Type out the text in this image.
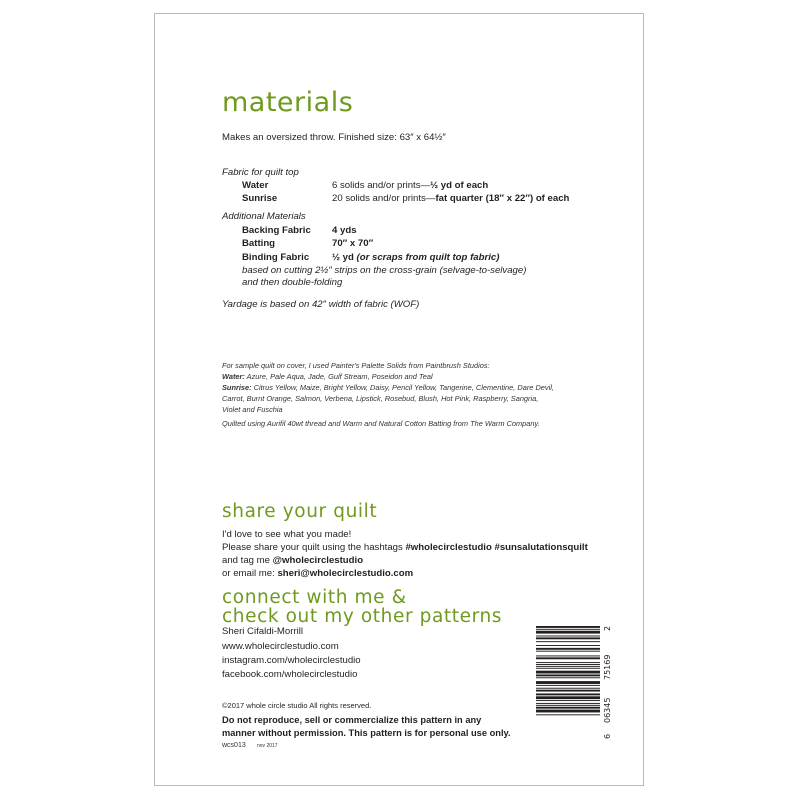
materials

Makes an oversized throw. Finished size: 63″ x 64½″

Fabric for quilt top

Water	6 solids and/or prints—½ yd of each
Sunrise	20 solids and/or prints—fat quarter (18″ x 22″) of each

Additional Materials

Backing Fabric 4 yds
Batting	70″ x 70″
Binding Fabric ½ yd (or scraps from quilt top fabric)

based on cutting 2½″ strips on the cross-grain (selvage-to-selvage)

and then double-folding

Yardage is based on 42″ width of fabric (WOF)

For sample quilt on cover, I used Painter's Palette Solids from Paintbrush Studios:

Water: Azure, Pale Aqua, Jade, Gulf Stream, Poseidon and Teal

Sunrise: Citrus Yellow, Maize, Bright Yellow, Daisy, Pencil Yellow, Tangerine, Clementine, Dare Devil,

Carrot, Burnt Orange, Salmon, Verbena, Lipstick, Rosebud, Blush, Hot Pink, Raspberry, Sangria,

Violet and Fuschia

Quilted using Aurifil 40wt thread and Warm and Natural Cotton Batting from The Warm Company.

share your quilt

I'd love to see what you made!

Please share your quilt using the hashtags #wholecirclestudio #sunsalutationsquilt

and tag me @wholecirclestudio

or email me: sheri@wholecirclestudio.com

connect with me &
check out my other patterns

Sheri Cifaldi-Morrill

www.wholecirclestudio.com

instagram.com/wholecirclestudio

facebook.com/wholecirclestudio

©2017 whole circle studio All rights reserved.

Do not reproduce, sell or commercialize this pattern in any

manner without permission. This pattern is for personal use only.

wcs013 nov 2017
6
06345
75169
2
